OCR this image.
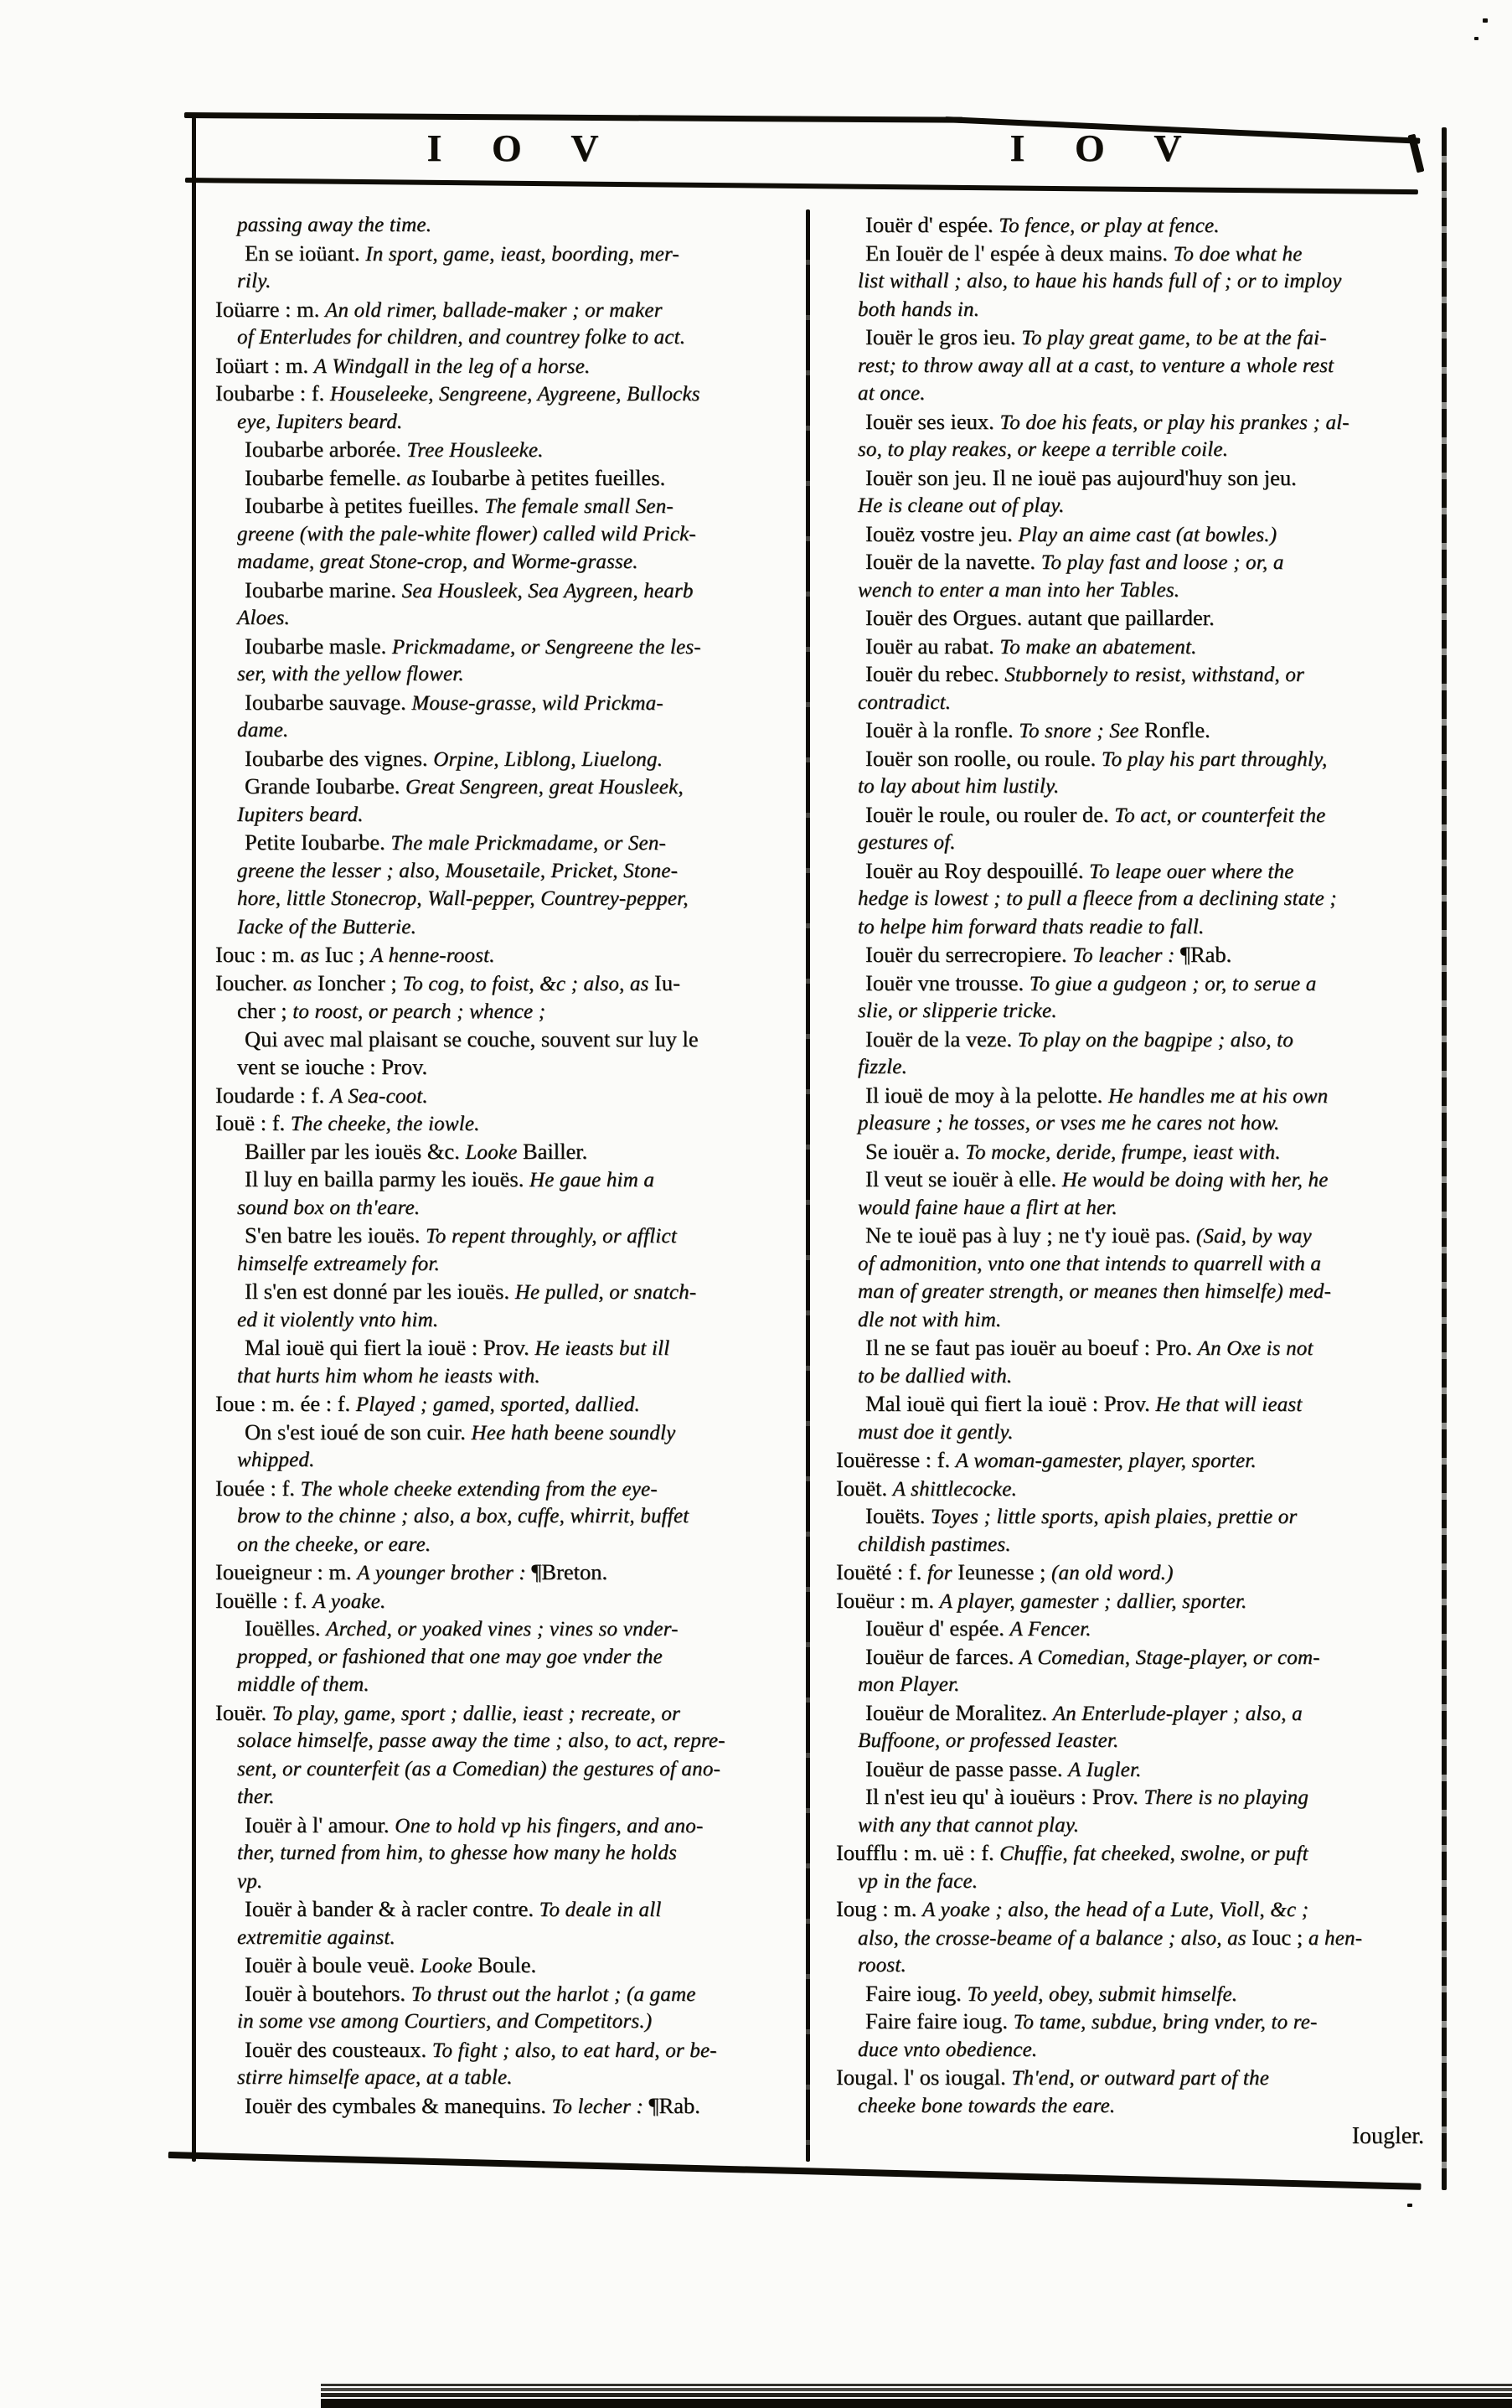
I O V	I O V
passing away the time.
En se ioüant. In sport, game, ieast, boording, mer-
rily.
Ioüarre : m. An old rimer, ballade-maker ; or maker
of Enterludes for children, and countrey folke to act.
Ioüart : m. A Windgall in the leg of a horse.
Ioubarbe : f. Houseleeke, Sengreene, Aygreene, Bullocks
eye, Iupiters beard.
Ioubarbe arborée. Tree Housleeke.
Ioubarbe femelle. as Ioubarbe à petites fueilles.
Ioubarbe à petites fueilles. The female small Sen-
greene (with the pale-white flower) called wild Prick-
madame, great Stone-crop, and Worme-grasse.
Ioubarbe marine. Sea Housleek, Sea Aygreen, hearb
Aloes.
Ioubarbe masle. Prickmadame, or Sengreene the les-
ser, with the yellow flower.
Ioubarbe sauvage. Mouse-grasse, wild Prickma-
dame.
Ioubarbe des vignes. Orpine, Liblong, Liuelong.
Grande Ioubarbe. Great Sengreen, great Housleek,
Iupiters beard.
Petite Ioubarbe. The male Prickmadame, or Sen-
greene the lesser ; also, Mousetaile, Pricket, Stone-
hore, little Stonecrop, Wall-pepper, Countrey-pepper,
Iacke of the Butterie.
Iouc : m. as Iuc ; A henne-roost.
Ioucher. as Ioncher ; To cog, to foist, &c ; also, as Iu-
cher ; to roost, or pearch ; whence ;
Qui avec mal plaisant se couche, souvent sur luy le
vent se iouche : Prov.
Ioudarde : f. A Sea-coot.
Iouë : f. The cheeke, the iowle.
Bailler par les iouës &c. Looke Bailler.
Il luy en bailla parmy les iouës. He gaue him a
sound box on th'eare.
S'en batre les iouës. To repent throughly, or afflict
himselfe extreamely for.
Il s'en est donné par les iouës. He pulled, or snatch-
ed it violently vnto him.
Mal iouë qui fiert la iouë : Prov. He ieasts but ill
that hurts him whom he ieasts with.
Ioue : m. ée : f. Played ; gamed, sported, dallied.
On s'est ioué de son cuir. Hee hath beene soundly
whipped.
Iouée : f. The whole cheeke extending from the eye-
brow to the chinne ; also, a box, cuffe, whirrit, buffet
on the cheeke, or eare.
Ioueigneur : m. A younger brother : ¶Breton.
Iouëlle : f. A yoake.
Iouëlles. Arched, or yoaked vines ; vines so vnder-
propped, or fashioned that one may goe vnder the
middle of them.
Iouër. To play, game, sport ; dallie, ieast ; recreate, or
solace himselfe, passe away the time ; also, to act, repre-
sent, or counterfeit (as a Comedian) the gestures of ano-
ther.
Iouër à l' amour. One to hold vp his fingers, and ano-
ther, turned from him, to ghesse how many he holds
vp.
Iouër à bander & à racler contre. To deale in all
extremitie against.
Iouër à boule veuë. Looke Boule.
Iouër à boutehors. To thrust out the harlot ; (a game
in some vse among Courtiers, and Competitors.)
Iouër des cousteaux. To fight ; also, to eat hard, or be-
stirre himselfe apace, at a table.
Iouër des cymbales & manequins. To lecher : ¶Rab.
Iouër d' espée. To fence, or play at fence.
En Iouër de l' espée à deux mains. To doe what he
list withall ; also, to haue his hands full of ; or to imploy
both hands in.
Iouër le gros ieu. To play great game, to be at the fai-
rest; to throw away all at a cast, to venture a whole rest
at once.
Iouër ses ieux. To doe his feats, or play his prankes ; al-
so, to play reakes, or keepe a terrible coile.
Iouër son jeu. Il ne iouë pas aujourd'huy son jeu.
He is cleane out of play.
Iouëz vostre jeu. Play an aime cast (at bowles.)
Iouër de la navette. To play fast and loose ; or, a
wench to enter a man into her Tables.
Iouër des Orgues. autant que paillarder.
Iouër au rabat. To make an abatement.
Iouër du rebec. Stubbornely to resist, withstand, or
contradict.
Iouër à la ronfle. To snore ; See Ronfle.
Iouër son roolle, ou roule. To play his part throughly,
to lay about him lustily.
Iouër le roule, ou rouler de. To act, or counterfeit the
gestures of.
Iouër au Roy despouillé. To leape ouer where the
hedge is lowest ; to pull a fleece from a declining state ;
to helpe him forward thats readie to fall.
Iouër du serrecropiere. To leacher : ¶Rab.
Iouër vne trousse. To giue a gudgeon ; or, to serue a
slie, or slipperie tricke.
Iouër de la veze. To play on the bagpipe ; also, to
fizzle.
Il iouë de moy à la pelotte. He handles me at his own
pleasure ; he tosses, or vses me he cares not how.
Se iouër a. To mocke, deride, frumpe, ieast with.
Il veut se iouër à elle. He would be doing with her, he
would faine haue a flirt at her.
Ne te iouë pas à luy ; ne t'y iouë pas. (Said, by way
of admonition, vnto one that intends to quarrell with a
man of greater strength, or meanes then himselfe) med-
dle not with him.
Il ne se faut pas iouër au boeuf : Pro. An Oxe is not
to be dallied with.
Mal iouë qui fiert la iouë : Prov. He that will ieast
must doe it gently.
Iouëresse : f. A woman-gamester, player, sporter.
Iouët. A shittlecocke.
Iouëts. Toyes ; little sports, apish plaies, prettie or
childish pastimes.
Iouëté : f. for Ieunesse ; (an old word.)
Iouëur : m. A player, gamester ; dallier, sporter.
Iouëur d' espée. A Fencer.
Iouëur de farces. A Comedian, Stage-player, or com-
mon Player.
Iouëur de Moralitez. An Enterlude-player ; also, a
Buffoone, or professed Ieaster.
Iouëur de passe passe. A Iugler.
Il n'est ieu qu' à iouëurs : Prov. There is no playing
with any that cannot play.
Ioufflu : m. uë : f. Chuffie, fat cheeked, swolne, or puft
vp in the face.
Ioug : m. A yoake ; also, the head of a Lute, Violl, &c ;
also, the crosse-beame of a balance ; also, as Iouc ; a hen-
roost.
Faire ioug. To yeeld, obey, submit himselfe.
Faire faire ioug. To tame, subdue, bring vnder, to re-
duce vnto obedience.
Iougal. l' os iougal. Th'end, or outward part of the
cheeke bone towards the eare.
Iougler.
